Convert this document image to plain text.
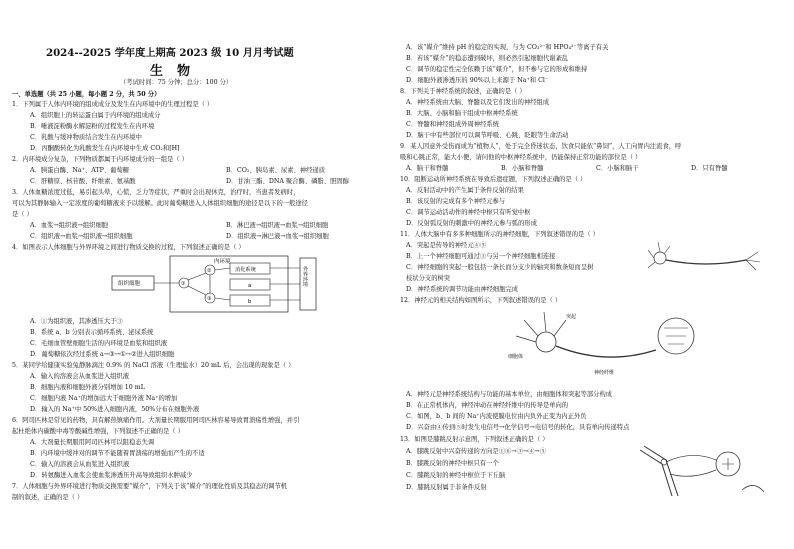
2024--2025 学年度上期高 2023 级 10 月月考试题
生物
（考试时间：75 分钟；总分：100 分）
一、单选题（共 25 小题，每小题 2 分，共 50 分）
1．下列属于人体内环境的组成成分及发生在内环境中的生理过程是（ ）
A．组织胞上的转运蛋白属于内环境的组成成分
B．唾液淀粉酶水解淀粉的过程发生在内环境
C．乳酸与缓冲物质结合发生在内环境中
D．丙酮酸转化为乳酸发生在内环境中生成 CO₂和[H]
2．内环境成分复杂，下列物质都属于内环境成分的一组是（ ）
A．胰蛋白酶、Na⁺、ATP、葡萄糖	B．CO₂、胰岛素、尿素、神经递质
C．肝糖原、核苷酸、纤维素、氨基酸	D．甘油三酯、DNA 聚合酶、磷脂、胆固醇
3．人体血糖浓度过低，易引起头晕，心慌、乏力等症状，严重时会出现休克，治疗时，当患者发病时，
可以为其静脉输入一定浓度的葡萄糖液来予以缓解。此时葡萄糖进入人体组织细胞的途径是以下的一般途径
是（ ）
A．血浆→组织液→组织细胞	B．淋巴液→组织液→血浆→组织细胞
C．组织液→血浆→组织液→组织细胞	D．组织液→淋巴液→血浆→组织细胞
4．如图表示人体细胞与外界环境之间进行物质交换的过程，下列叙述正确的是（ ）
内环境
组织细胞	①
②
③
消化系统
a
b
外界环境
A．①为组织液，其渗透压大于③
B．系统 a、b 分别表示循环系统、泌尿系统
C．毛细血管壁细胞生活的内环境是血浆和组织液
D．葡萄糖依次经过系统 a→③→①→②进入组织细胞
5．某同学给健康实验兔静脉滴注 0.9% 的 NaCl 溶液（生理盐水）20 mL 后，会出现的现象是（ ）
A．输入的溶液会从血浆进入组织液
B．细胞内液和细胞外液分别增加 10 mL
C．细胞内液 Na⁺的增加远大于细胞外液 Na⁺的增加
D．输入的 Na⁺中 50%进入细胞内液，50%分布在细胞外液
6．阿司匹林是常见的药物，具有解热镇痛作用。大剂量长期服用阿司匹林容易导致胃溃疡性增强，并引
起杜绝体内碳酸中毒等酸碱性增强，下列叙述不正确的是（ ）
A．大剂量长期服用阿司匹林可以阻稳态失调
B．内环境中缓冲对的调节不能随着胃溃疡的增强而产生的不适
C．输入的溶液会从血浆进入组织液
D．转氨酶进入血浆会使血浆渗透压升高导致组织水肿减少
7．人体细胞与外界环境进行物质交换需要“媒介”，下列关于该“媒介”的理化性质及其稳态的调节机
制的叙述，正确的是（ ）
A．该“媒介”维持 pH 的稳定的实现，与为 CO₃²⁻和 HPO₄²⁻等离子有关
B．若该“媒介”的稳态遭到破坏，则必然引起细胞代谢紊乱
C．调节的稳定性完全依赖于该“媒介”，但不参与它的形成和维持
D．细胞外液渗透压的 90%以上来源于 Na⁺和 Cl⁻
8．下列关于神经系统的叙述，正确的是（ ）
A．神经系统由大脑、脊髓以及它们发出的神经组成
B．大脑、小脑和脑干组成中枢神经系统
C．脊髓和神经组成外周神经系统
D．脑干中有些部位可以调节呼吸、心跳、眨眼等生命活动
9．某人因意外受伤而成为“植物人”，处于完全昏迷状态，饮食只能依“鼻饲”，人工向胃内注流食，呼
吸和心跳正常，能大小便，请问他的中枢神经系统中，仍能保持正常功能的部位是（ ）
A．脑干和脊髓	B．小脑和脊髓	C．小脑和脑干	D．只有脊髓
10．阻断运动所神经系统在导致后遗症题，下列叙述正确的是（ ）
A．反射活动中的产生属于条件反射的结果
B．该反射的完成有多个神经元参与
C．调节运动活动作的神经中枢只有听觉中枢
D．反射弧反射的刺激中的神经元参与弧的形成
11．人体大脑中有多多种细胞所示的神经细胞，下列叙述错误的是（ ）
A．突起是传导的神经元④⑤
B．上一个神经细胞可通过③与另一个神经细胞相连接
C．神经细胞的突起一般包括一条长而分支少的轴突和数条短而呈树
枝状分支的树突
D．神经系统的调节功能由神经细胞完成
12．神经元的相关结构如图所示，下列叙述错误的是（ ）
细胞体
突起
神经纤维
A．神经元是神经系统结构与功能的基本单位，由细胞体和突起等部分构成
B．在正常机体内，神经冲动在神经纤维中的传导是单向的
C．如图，b、b 间的 Na⁺内流使膜电位由内负外正变为内正外负
D．兴奋由④传到⑤时发生电信号→化学信号→电信号的转化，具有单向传递特点
13．如图是膝跳反射示意图，下列叙述正确的是（ ）
A．膝跳反射中兴奋传递的方向是①⑥→③→④→⑤
B．膝跳反射的神经中枢只有一个
C．膝跳反射的神经中枢位于下丘脑
D．膝跳反射属于非条件反射
